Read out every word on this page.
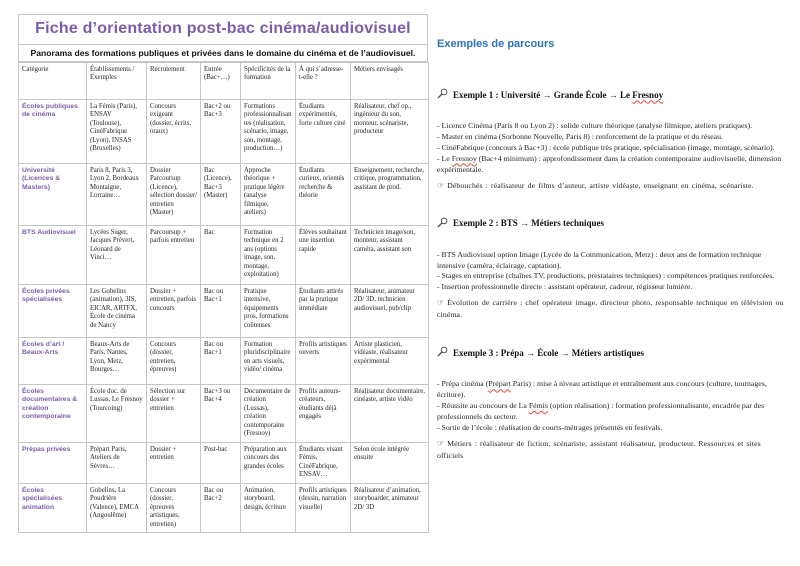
Fiche d’orientation post-bac cinéma/audiovisuel
Panorama des formations publiques et privées dans le domaine du cinéma et de l’audiovisuel.
Catégorie	Établissements / Exemples	Recrutement	Entrée (Bac+…)	Spécificités de la formation	À qui s’adresse-t-elle ?	Métiers envisagés
Écoles publiques de cinéma	La Fémis (Paris), ENSAV (Toulouse), CinéFabrique (Lyon), INSAS (Bruxelles)	Concours exigeant (dossier, écrits, oraux)	Bac+2 ou Bac+3	Formations professionnalisantes (réalisation, scénario, image, son, montage, production…)	Étudiants expérimentés, forte culture ciné	Réalisateur, chef op., ingénieur du son, monteur, scénariste, producteur
Université (Licences & Masters)	Paris 8, Paris 3, Lyon 2, Bordeaux Montaigne, Lorraine…	Dossier Parcoursup (Licence), sélection dossier/ entretien (Master)	Bac (Licence), Bac+3 (Master)	Approche théorique + pratique légère (analyse filmique, ateliers)	Étudiants curieux, orientés recherche & théorie	Enseignement, recherche, critique, programmation, assistant de prod.
BTS Audiovisuel	Lycées Suger, Jacques Prévert, Léonard de Vinci…	Parcoursup + parfois entretien	Bac	Formation technique en 2 ans (options image, son, montage, exploitation)	Élèves souhaitant une insertion rapide	Technicien image/son, monteur, assistant caméra, assistant son
Écoles privées spécialisées	Les Gobelins (animation), 3IS, EICAR, ARTFX, École de cinéma de Nancy	Dossier + entretien, parfois concours	Bac ou Bac+1	Pratique intensive, équipements pros, formations coûteuses	Étudiants attirés par la pratique immédiate	Réalisateur, animateur 2D/ 3D, technicien audiovisuel, pub/clip
Écoles d’art / Beaux-Arts	Beaux-Arts de Paris, Nantes, Lyon, Metz, Bourges…	Concours (dossier, entretien, épreuves)	Bac ou Bac+1	Formation pluridisciplinaire en arts visuels, vidéo/ cinéma	Profils artistiques ouverts	Artiste plasticien, vidéaste, réalisateur expérimental
Écoles documentaires & création contemporaine	École doc. de Lussas, Le Fresnoy (Tourcoing)	Sélection sur dossier + entretien	Bac+3 ou Bac+4	Documentaire de création (Lussas), création contemporaine (Fresnoy)	Profils auteurs-créateurs, étudiants déjà engagés	Réalisateur documentaire, cinéaste, artiste vidéo
Prépas privées	Prépart Paris, Ateliers de Sèvres…	Dossier + entretien	Post-bac	Préparation aux concours des grandes écoles	Étudiants visant Fémis, CinéFabrique, ENSAV…	Selon école intégrée ensuite
Écoles spécialisées animation	Gobelins, La Poudrière (Valence), EMCA (Angoulême)	Concours (dossier, épreuves artistiques, entretien)	Bac ou Bac+2	Animation, storyboard, design, écriture	Profils artistiques (dessin, narration visuelle)	Réalisateur d’animation, storyboarder, animateur 2D/ 3D
Exemples de parcours
Exemple 1 : Université → Grande École → Le Fresnoy
- Licence Cinéma (Paris 8 ou Lyon 2) : solide culture théorique (analyse filmique, ateliers pratiques).
- Master en cinéma (Sorbonne Nouvelle, Paris 8) : renforcement de la pratique et du réseau.
- CinéFabrique (concours à Bac+3) : école publique très pratique, spécialisation (image, montage, scénario).
- Le Fresnoy (Bac+4 minimum) : approfondissement dans la création contemporaine audiovisuelle, dimension expérimentale.
☞ Débouchés : réalisateur de films d’auteur, artiste vidéaste, enseignant en cinéma, scénariste.
Exemple 2 : BTS → Métiers techniques
- BTS Audiovisuel option Image (Lycée de la Communication, Metz) : deux ans de formation technique intensive (caméra, éclairage, captation).
- Stages en entreprise (chaînes TV, productions, prestataires techniques) : compétences pratiques renforcées.
- Insertion professionnelle directe : assistant opérateur, cadreur, régisseur lumière.
☞ Évolution de carrière : chef opérateur image, directeur photo, responsable technique en télévision ou cinéma.
Exemple 3 : Prépa → École → Métiers artistiques
- Prépa cinéma (Prépart Paris) : mise à niveau artistique et entraînement aux concours (culture, tournages, écriture).
- Réussite au concours de La Fémis (option réalisation) : formation professionnalisante, encadrée par des professionnels du secteur.
- Sortie de l’école : réalisation de courts-métrages présentés en festivals.
☞ Métiers : réalisateur de fiction, scénariste, assistant réalisateur, producteur. Ressources et sites officiels
